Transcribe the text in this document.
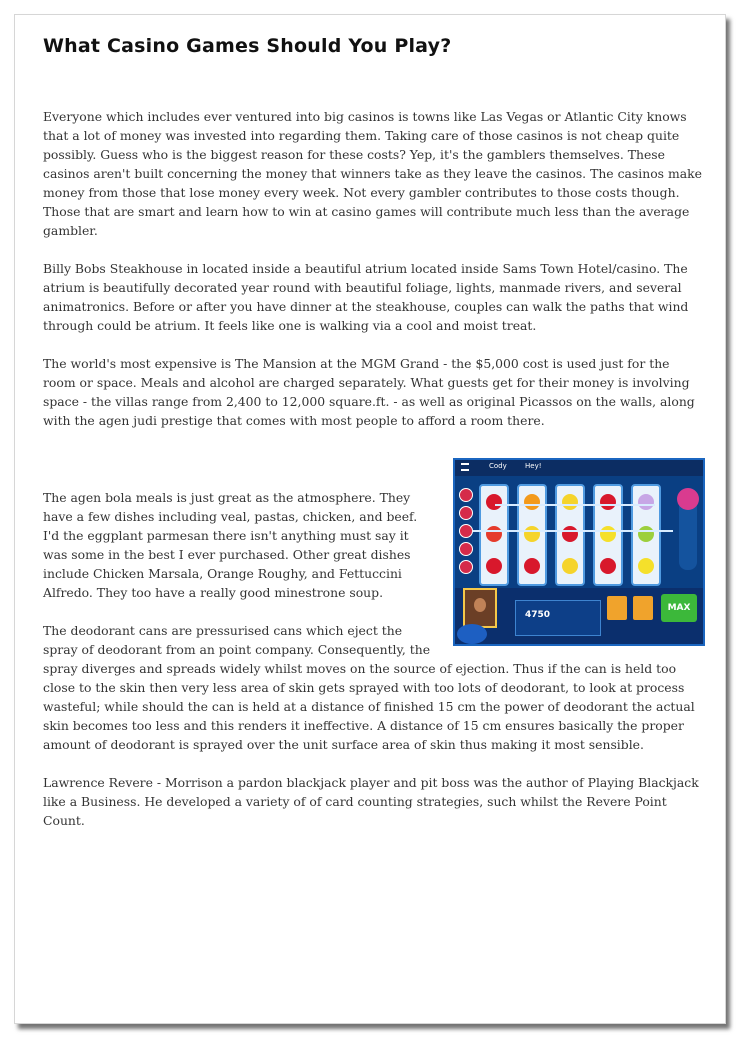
What Casino Games Should You Play?

Everyone which includes ever ventured into big casinos is towns like Las Vegas or Atlantic City knows that a lot of money was invested into regarding them. Taking care of those casinos is not cheap quite possibly. Guess who is the biggest reason for these costs? Yep, it's the gamblers themselves. These casinos aren't built concerning the money that winners take as they leave the casinos. The casinos make money from those that lose money every week. Not every gambler contributes to those costs though. Those that are smart and learn how to win at casino games will contribute much less than the average gambler.

Billy Bobs Steakhouse in located inside a beautiful atrium located inside Sams Town Hotel/casino. The atrium is beautifully decorated year round with beautiful foliage, lights, manmade rivers, and several animatronics. Before or after you have dinner at the steakhouse, couples can walk the paths that wind through could be atrium. It feels like one is walking via a cool and moist treat.

The world's most expensive is The Mansion at the MGM Grand - the $5,000 cost is used just for the room or space. Meals and alcohol are charged separately. What guests get for their money is involving space - the villas range from 2,400 to 12,000 square.ft. - as well as original Picassos on the walls, along with the agen judi prestige that comes with most people to afford a room there.

Cody	Hey!
4750
MAX

The agen bola meals is just great as the atmosphere. They have a few dishes including veal, pastas, chicken, and beef. I'd the eggplant parmesan there isn't anything must say it was some in the best I ever purchased. Other great dishes include Chicken Marsala, Orange Roughy, and Fettuccini Alfredo. They too have a really good minestrone soup.

The deodorant cans are pressurised cans which eject the spray of deodorant from an point company. Consequently, the spray diverges and spreads widely whilst moves on the source of ejection. Thus if the can is held too close to the skin then very less area of skin gets sprayed with too lots of deodorant, to look at process wasteful; while should the can is held at a distance of finished 15 cm the power of deodorant the actual skin becomes too less and this renders it ineffective. A distance of 15 cm ensures basically the proper amount of deodorant is sprayed over the unit surface area of skin thus making it most sensible.

Lawrence Revere - Morrison a pardon blackjack player and pit boss was the author of Playing Blackjack like a Business. He developed a variety of of card counting strategies, such whilst the Revere Point Count.
